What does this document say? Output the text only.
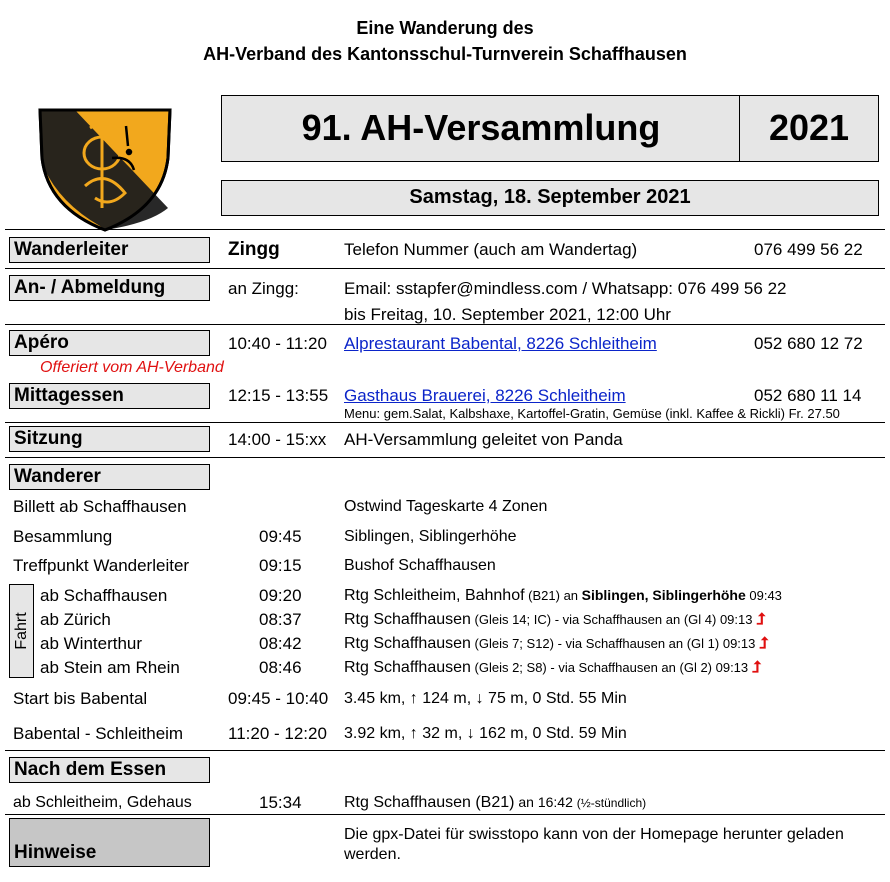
Eine Wanderung des
AH-Verband des Kantonsschul-Turnverein Schaffhausen
91. AH-Versammlung	2021
Samstag, 18. September 2021
Wanderleiter	Zingg	Telefon Nummer (auch am Wandertag)	076 499 56 22
An- / Abmeldung	an Zingg:	Email: sstapfer@mindless.com / Whatsapp: 076 499 56 22
bis Freitag, 10. September 2021, 12:00 Uhr
Apéro	10:40 - 11:20 Alprestaurant Babental, 8226 Schleitheim	052 680 12 72
Offeriert vom AH-Verband
Mittagessen	12:15 - 13:55 Gasthaus Brauerei, 8226 Schleitheim	052 680 11 14
Menu: gem.Salat, Kalbshaxe, Kartoffel-Gratin, Gemüse (inkl. Kaffee & Rickli) Fr. 27.50
Sitzung	14:00 - 15:xx AH-Versammlung geleitet von Panda
Wanderer
Billett ab Schaffhausen	Ostwind Tageskarte 4 Zonen
Besammlung	09:45	Siblingen, Siblingerhöhe
Treffpunkt Wanderleiter	09:15	Bushof Schaffhausen
Fahrt
ab Schaffhausen	09:20	Rtg Schleitheim, Bahnhof (B21) an Siblingen, Siblingerhöhe 09:43
ab Zürich	08:37	Rtg Schaffhausen (Gleis 14; IC) - via Schaffhausen an (Gl 4) 09:13 ⮥
ab Winterthur	08:42	Rtg Schaffhausen (Gleis 7; S12) - via Schaffhausen an (Gl 1) 09:13 ⮥
ab Stein am Rhein	08:46	Rtg Schaffhausen (Gleis 2; S8) - via Schaffhausen an (Gl 2) 09:13 ⮥
Start bis Babental	09:45 - 10:40 3.45 km, ↑ 124 m, ↓ 75 m, 0 Std. 55 Min
Babental - Schleitheim	11:20 - 12:20 3.92 km, ↑ 32 m, ↓ 162 m, 0 Std. 59 Min
Nach dem Essen
ab Schleitheim, Gdehaus	15:34	Rtg Schaffhausen (B21) an 16:42 (½-stündlich)
Hinweise
Die gpx-Datei für swisstopo kann von der Homepage herunter geladen
werden.
